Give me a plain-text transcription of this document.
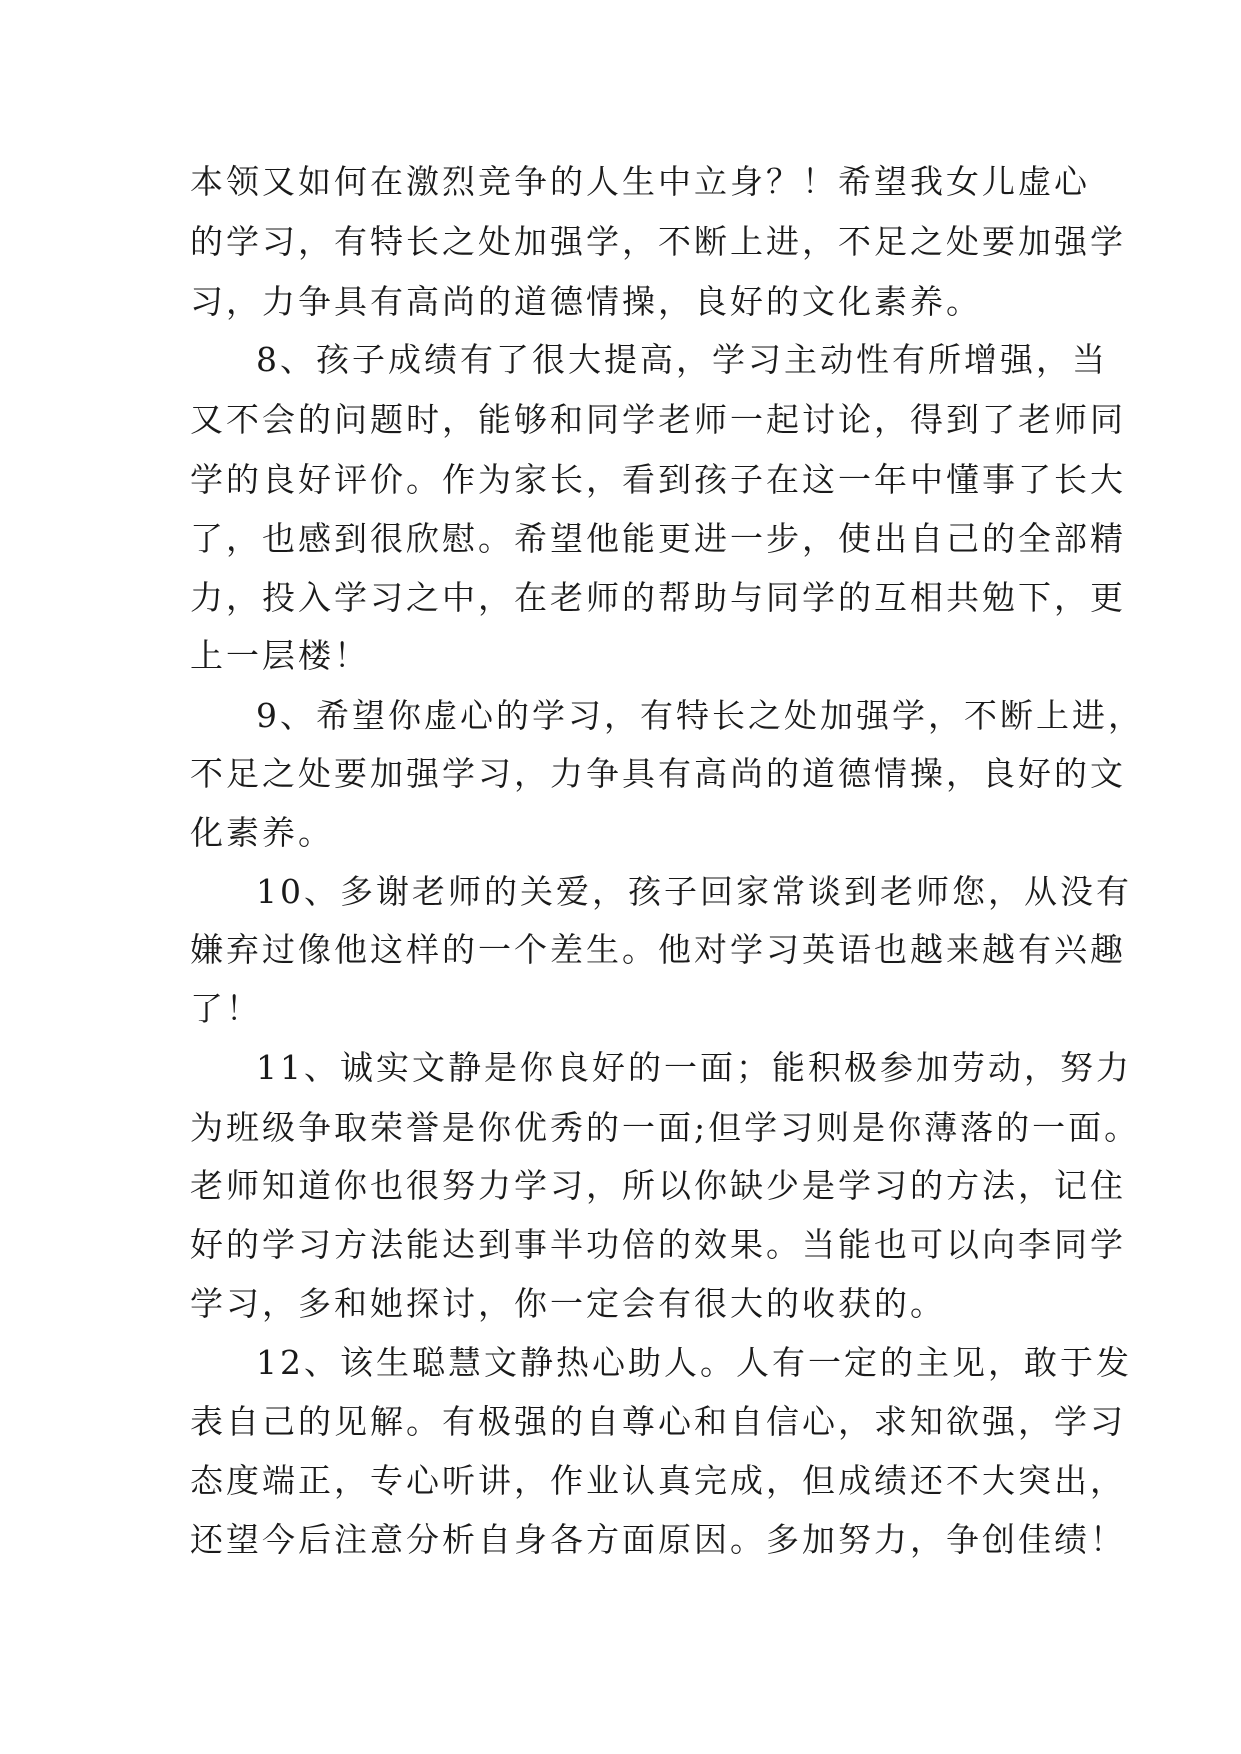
本领又如何在激烈竞争的人生中立身？！希望我女儿虚心
的学习，有特长之处加强学，不断上进，不足之处要加强学
习，力争具有高尚的道德情操，良好的文化素养。
8、孩子成绩有了很大提高，学习主动性有所增强，当
又不会的问题时，能够和同学老师一起讨论，得到了老师同
学的良好评价。作为家长，看到孩子在这一年中懂事了长大
了，也感到很欣慰。希望他能更进一步，使出自己的全部精
力，投入学习之中，在老师的帮助与同学的互相共勉下，更
上一层楼！
9、希望你虚心的学习，有特长之处加强学，不断上进，
不足之处要加强学习，力争具有高尚的道德情操，良好的文
化素养。
10、多谢老师的关爱，孩子回家常谈到老师您，从没有
嫌弃过像他这样的一个差生。他对学习英语也越来越有兴趣
了！
11、诚实文静是你良好的一面；能积极参加劳动，努力
为班级争取荣誉是你优秀的一面;但学习则是你薄落的一面。
老师知道你也很努力学习，所以你缺少是学习的方法，记住
好的学习方法能达到事半功倍的效果。当能也可以向李同学
学习，多和她探讨，你一定会有很大的收获的。
12、该生聪慧文静热心助人。人有一定的主见，敢于发
表自己的见解。有极强的自尊心和自信心，求知欲强，学习
态度端正，专心听讲，作业认真完成，但成绩还不大突出，
还望今后注意分析自身各方面原因。多加努力，争创佳绩！
